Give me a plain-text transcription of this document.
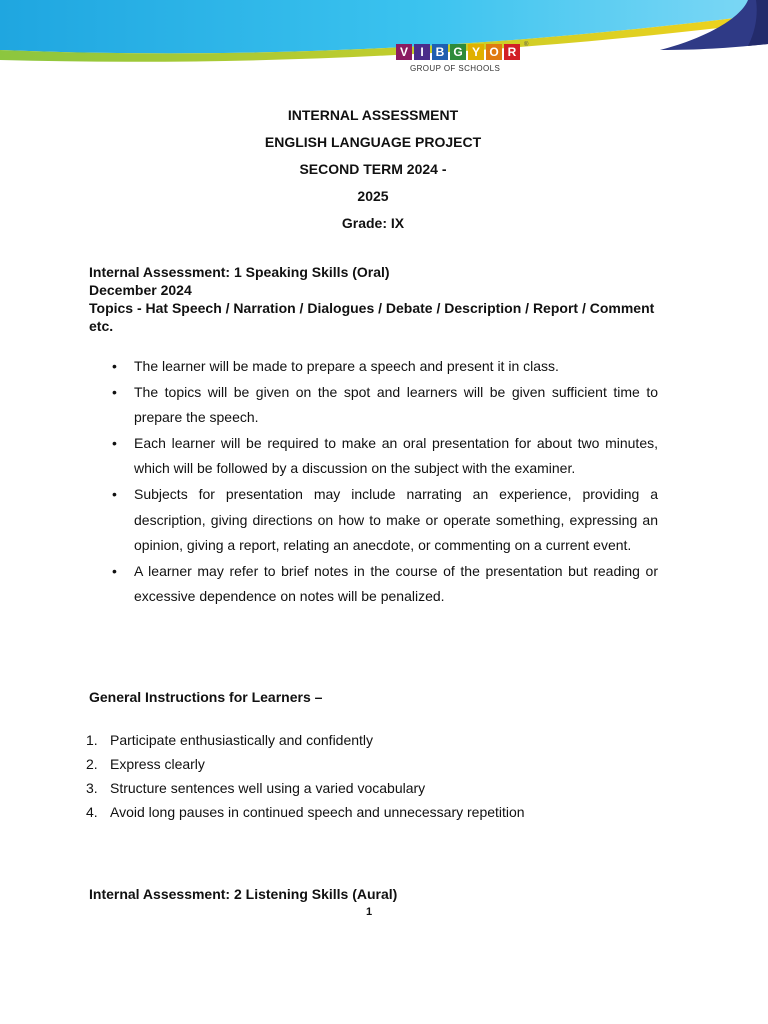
V	I B G Y O R	®
GROUP OF SCHOOLS
INTERNAL ASSESSMENT
ENGLISH LANGUAGE PROJECT
SECOND TERM 2024 -
2025
Grade: IX
Internal Assessment: 1 Speaking Skills (Oral)
December 2024
Topics - Hat Speech / Narration / Dialogues / Debate / Description / Report / Comment etc.
• The learner will be made to prepare a speech and present it in class.
• The topics will be given on the spot and learners will be given sufficient time to prepare the speech.
• Each learner will be required to make an oral presentation for about two minutes, which will be followed by a discussion on the subject with the examiner.
• Subjects for presentation may include narrating an experience, providing a description, giving directions on how to make or operate something, expressing an opinion, giving a report, relating an anecdote, or commenting on a current event.
• A learner may refer to brief notes in the course of the presentation but reading or excessive dependence on notes will be penalized.
General Instructions for Learners –
1. Participate enthusiastically and confidently
2. Express clearly
3. Structure sentences well using a varied vocabulary
4. Avoid long pauses in continued speech and unnecessary repetition
Internal Assessment: 2 Listening Skills (Aural)
1
